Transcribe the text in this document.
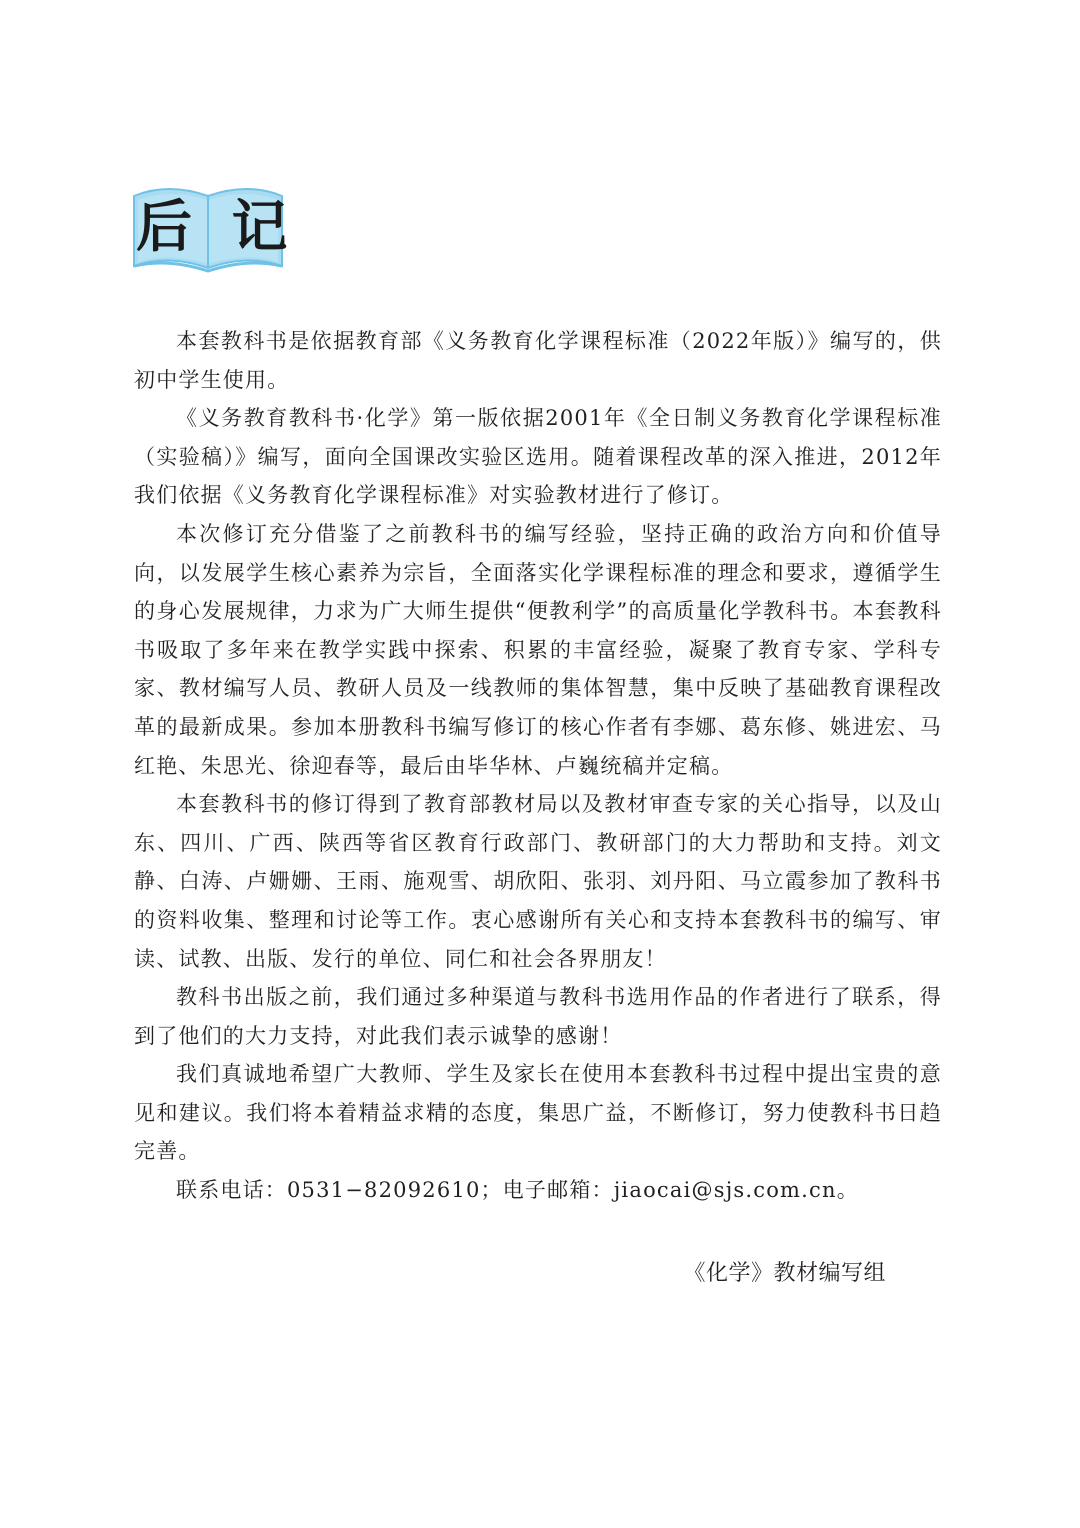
后 记

本套教科书是依据教育部《义务教育化学课程标准（2022年版）》编写的，供初中学生使用。

《义务教育教科书·化学》第一版依据2001年《全日制义务教育化学课程标准（实验稿）》编写，面向全国课改实验区选用。随着课程改革的深入推进，2012年我们依据《义务教育化学课程标准》对实验教材进行了修订。

本次修订充分借鉴了之前教科书的编写经验，坚持正确的政治方向和价值导向，以发展学生核心素养为宗旨，全面落实化学课程标准的理念和要求，遵循学生的身心发展规律，力求为广大师生提供“便教利学”的高质量化学教科书。本套教科书吸取了多年来在教学实践中探索、积累的丰富经验，凝聚了教育专家、学科专家、教材编写人员、教研人员及一线教师的集体智慧，集中反映了基础教育课程改革的最新成果。参加本册教科书编写修订的核心作者有李娜、葛东修、姚进宏、马红艳、朱思光、徐迎春等，最后由毕华林、卢巍统稿并定稿。

本套教科书的修订得到了教育部教材局以及教材审查专家的关心指导，以及山东、四川、广西、陕西等省区教育行政部门、教研部门的大力帮助和支持。刘文静、白涛、卢姗姗、王雨、施观雪、胡欣阳、张羽、刘丹阳、马立霞参加了教科书的资料收集、整理和讨论等工作。衷心感谢所有关心和支持本套教科书的编写、审读、试教、出版、发行的单位、同仁和社会各界朋友！

教科书出版之前，我们通过多种渠道与教科书选用作品的作者进行了联系，得到了他们的大力支持，对此我们表示诚挚的感谢！

我们真诚地希望广大教师、学生及家长在使用本套教科书过程中提出宝贵的意见和建议。我们将本着精益求精的态度，集思广益，不断修订，努力使教科书日趋完善。

联系电话：0531−82092610；电子邮箱：jiaocai@sjs.com.cn。

《化学》教材编写组
